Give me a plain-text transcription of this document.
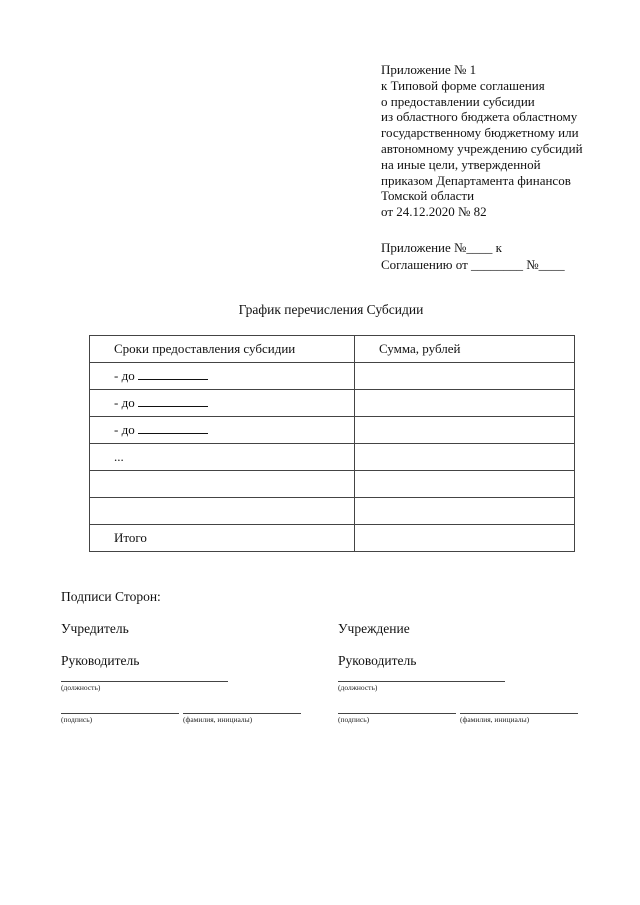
Приложение № 1
к Типовой форме соглашения
о предоставлении субсидии
из областного бюджета областному
государственному бюджетному или
автономному учреждению субсидий
на иные цели, утвержденной
приказом Департамента финансов
Томской области
от 24.12.2020 № 82
Приложение №____ к
Соглашению от ________ №____
График перечисления Субсидии
Сроки предоставления субсидии	Сумма, рублей
- до	
- до	
- до	
...	

Итого	
Подписи Сторон:
Учредитель
Руководитель
(должность)
(подпись)	(фамилия, инициалы)
Учреждение
Руководитель
(должность)
(подпись)	(фамилия, инициалы)
